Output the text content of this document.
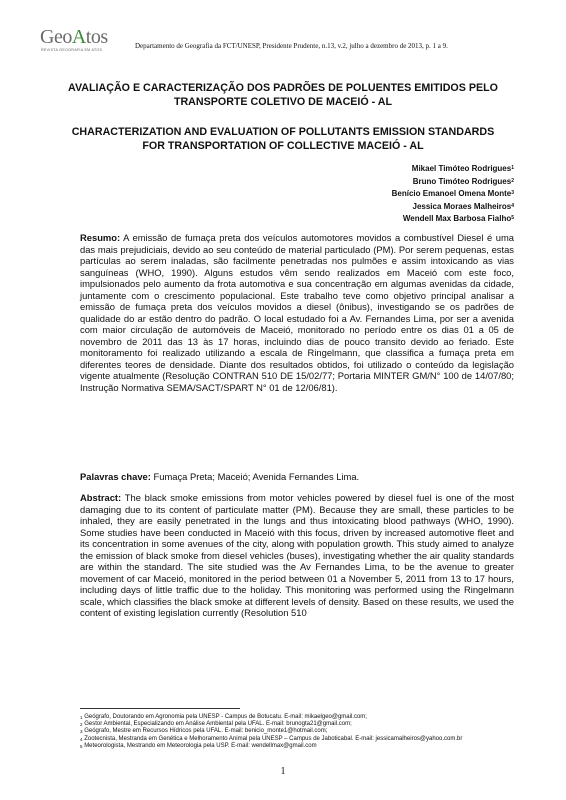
GeoAtos
REVISTA GEOGRAFIA EM ATOS	Departamento de Geografia da FCT/UNESP, Presidente Prudente, n.13, v.2, julho a dezembro de 2013, p. 1 a 9.
AVALIAÇÃO E CARACTERIZAÇÃO DOS PADRÕES DE POLUENTES EMITIDOS PELO TRANSPORTE COLETIVO DE MACEIÓ - AL
CHARACTERIZATION AND EVALUATION OF POLLUTANTS EMISSION STANDARDS FOR TRANSPORTATION OF COLLECTIVE MACEIÓ - AL
Mikael Timóteo Rodrigues$^1$
Bruno Timóteo Rodrigues$^2$
Benício Emanoel Omena Monte$^3$
Jessica Moraes Malheiros$^4$
Wendell Max Barbosa Fialho$^5$
Resumo: A emissão de fumaça preta dos veículos automotores movidos a combustível Diesel é uma das mais prejudiciais, devido ao seu conteúdo de material particulado (PM). Por serem pequenas, estas partículas ao serem inaladas, são facilmente penetradas nos pulmões e assim intoxicando as vias sanguíneas (WHO, 1990). Alguns estudos vêm sendo realizados em Maceió com este foco, impulsionados pelo aumento da frota automotiva e sua concentração em algumas avenidas da cidade, juntamente com o crescimento populacional. Este trabalho teve como objetivo principal analisar a emissão de fumaça preta dos veículos movidos a diesel (ônibus), investigando se os padrões de qualidade do ar estão dentro do padrão. O local estudado foi a Av. Fernandes Lima, por ser a avenida com maior circulação de automóveis de Maceió, monitorado no período entre os dias 01 a 05 de novembro de 2011 das 13 às 17 horas, incluindo dias de pouco transito devido ao feriado. Este monitoramento foi realizado utilizando a escala de Ringelmann, que classifica a fumaça preta em diferentes teores de densidade. Diante dos resultados obtidos, foi utilizado o conteúdo da legislação vigente atualmente (Resolução CONTRAN 510 DE 15/02/77; Portaria MINTER GM/N° 100 de 14/07/80; Instrução Normativa SEMA/SACT/SPART N° 01 de 12/06/81).
Palavras chave: Fumaça Preta; Maceió; Avenida Fernandes Lima.
Abstract: The black smoke emissions from motor vehicles powered by diesel fuel is one of the most damaging due to its content of particulate matter (PM). Because they are small, these particles to be inhaled, they are easily penetrated in the lungs and thus intoxicating blood pathways (WHO, 1990). Some studies have been conducted in Maceió with this focus, driven by increased automotive fleet and its concentration in some avenues of the city, along with population growth. This study aimed to analyze the emission of black smoke from diesel vehicles (buses), investigating whether the air quality standards are within the standard. The site studied was the Av Fernandes Lima, to be the avenue to greater movement of car Maceió, monitored in the period between 01 a November 5, 2011 from 13 to 17 hours, including days of little traffic due to the holiday. This monitoring was performed using the Ringelmann scale, which classifies the black smoke at different levels of density. Based on these results, we used the content of existing legislation currently (Resolution 510
$^1$ Geógrafo, Doutorando em Agronomia pela UNESP - Campus de Botucatu. E-mail: mikaelgeo@gmail.com;
$^2$ Gestor Ambiental, Especializando em Análise Ambiental pela UFAL. E-mail: brunogta21@gmail.com;
$^3$ Geógrafo, Mestre em Recursos Hídricos pela UFAL. E-mail: benicio_monte1@hotmail.com;
$^4$ Zootecnista, Mestranda em Genética e Melhoramento Animal pela UNESP – Campus de Jaboticabal. E-mail: jessicamalheiros@yahoo.com.br
$^5$ Meteorologista, Mestrando em Meteorologia pela USP. E-mail: wendellmax@gmail.com
1
